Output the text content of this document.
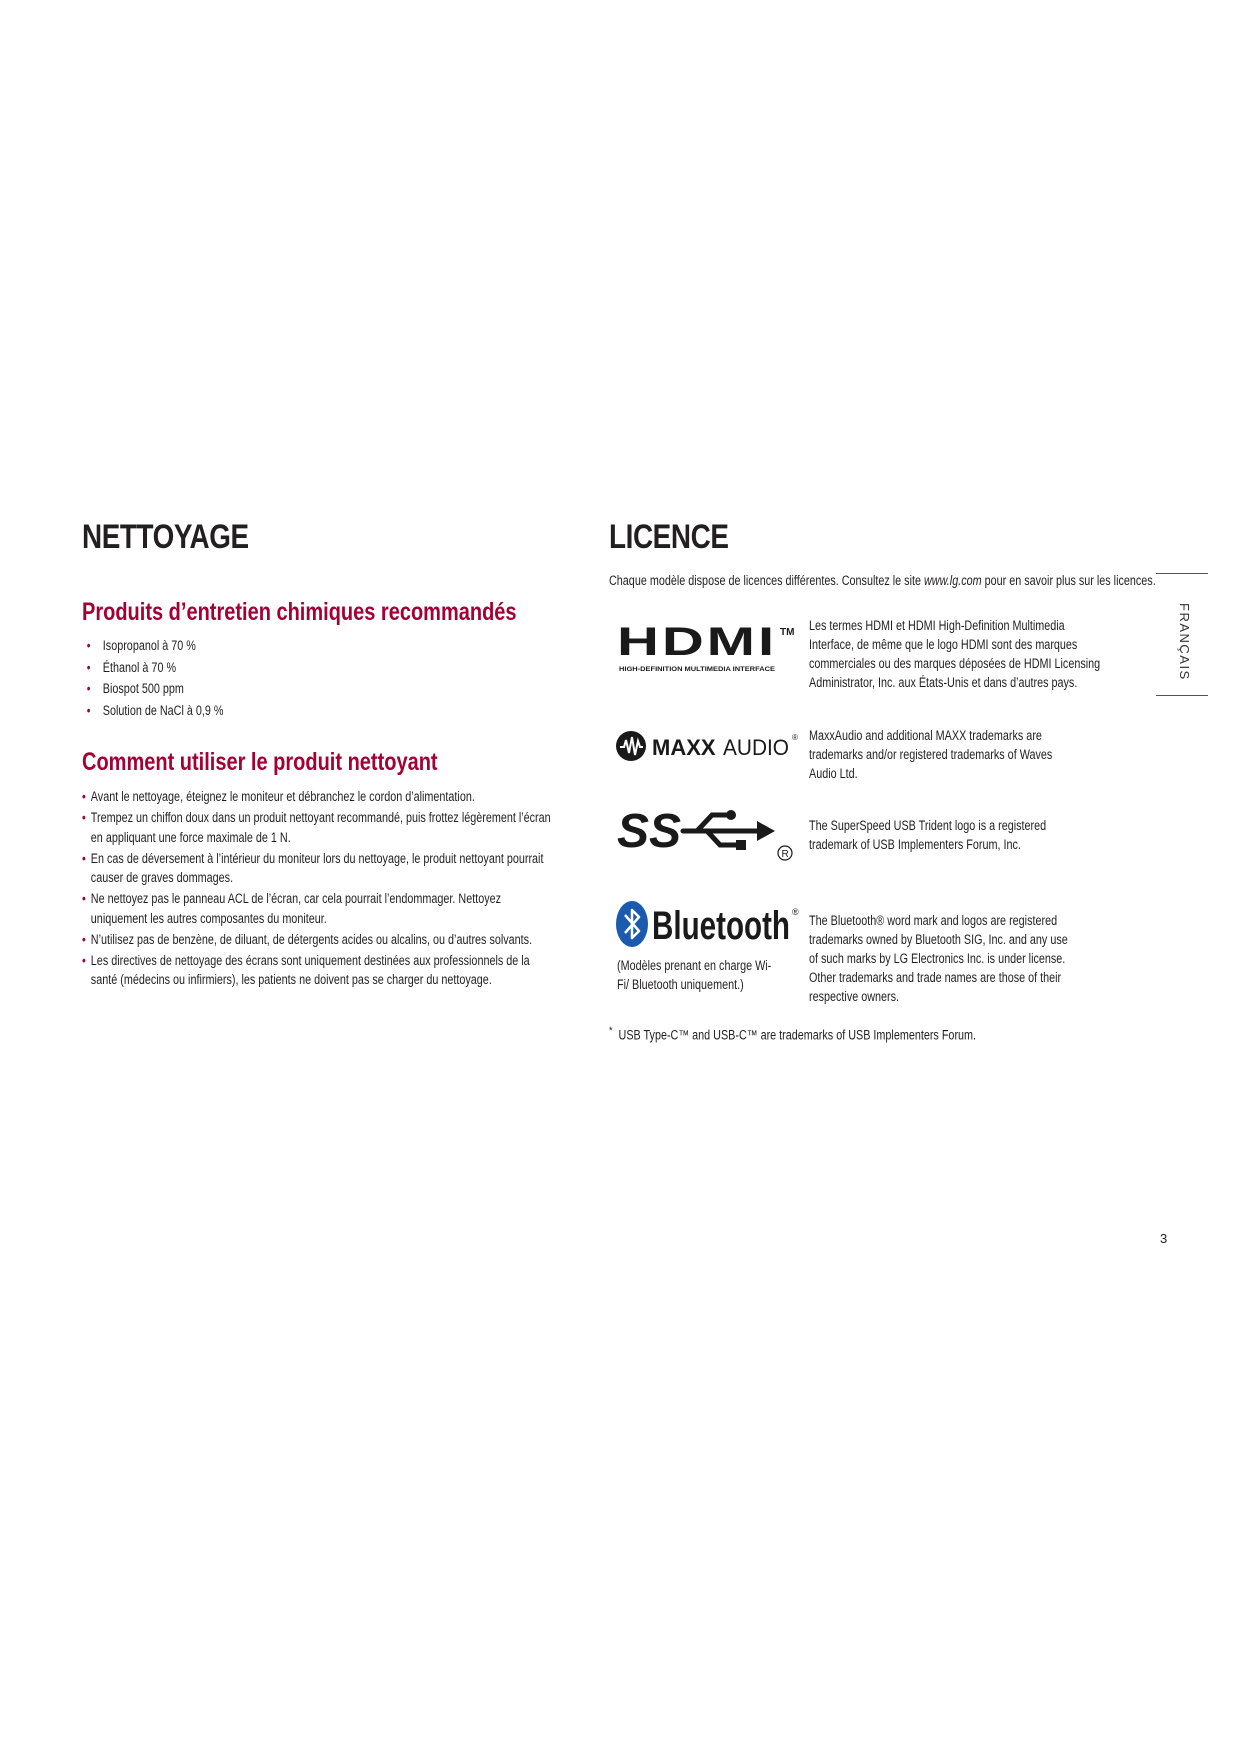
NETTOYAGE
Produits d’entretien chimiques recommandés
• Isopropanol à 70 %
• Éthanol à 70 %
• Biospot 500 ppm
• Solution de NaCl à 0,9 %
Comment utiliser le produit nettoyant
• Avant le nettoyage, éteignez le moniteur et débranchez le cordon d’alimentation.
• Trempez un chiffon doux dans un produit nettoyant recommandé, puis frottez légèrement l’écran en appliquant une force maximale de 1 N.
• En cas de déversement à l’intérieur du moniteur lors du nettoyage, le produit nettoyant pourrait causer de graves dommages.
• Ne nettoyez pas le panneau ACL de l’écran, car cela pourrait l’endommager. Nettoyez uniquement les autres composantes du moniteur.
• N’utilisez pas de benzène, de diluant, de détergents acides ou alcalins, ou d’autres solvants.
• Les directives de nettoyage des écrans sont uniquement destinées aux professionnels de la santé (médecins ou infirmiers), les patients ne doivent pas se charger du nettoyage.
LICENCE
Chaque modèle dispose de licences différentes. Consultez le site www.lg.com pour en savoir plus sur les licences.
HDMI TM
HIGH-DEFINITION MULTIMEDIA INTERFACE
Les termes HDMI et HDMI High-Definition Multimedia Interface, de même que le logo HDMI sont des marques commerciales ou des marques déposées de HDMI Licensing Administrator, Inc. aux États-Unis et dans d’autres pays.
MAXX AUDIO ® MaxxAudio and additional MAXX trademarks are trademarks and/or registered trademarks of Waves Audio Ltd.
SS	R
The SuperSpeed USB Trident logo is a registered trademark of USB Implementers Forum, Inc.
Bluetooth ®
(Modèles prenant en charge Wi-Fi/ Bluetooth uniquement.)
The Bluetooth® word mark and logos are registered trademarks owned by Bluetooth SIG, Inc. and any use of such marks by LG Electronics Inc. is under license. Other trademarks and trade names are those of their respective owners.
* USB Type-C™ and USB-C™ are trademarks of USB Implementers Forum.
FRANÇAIS
3
